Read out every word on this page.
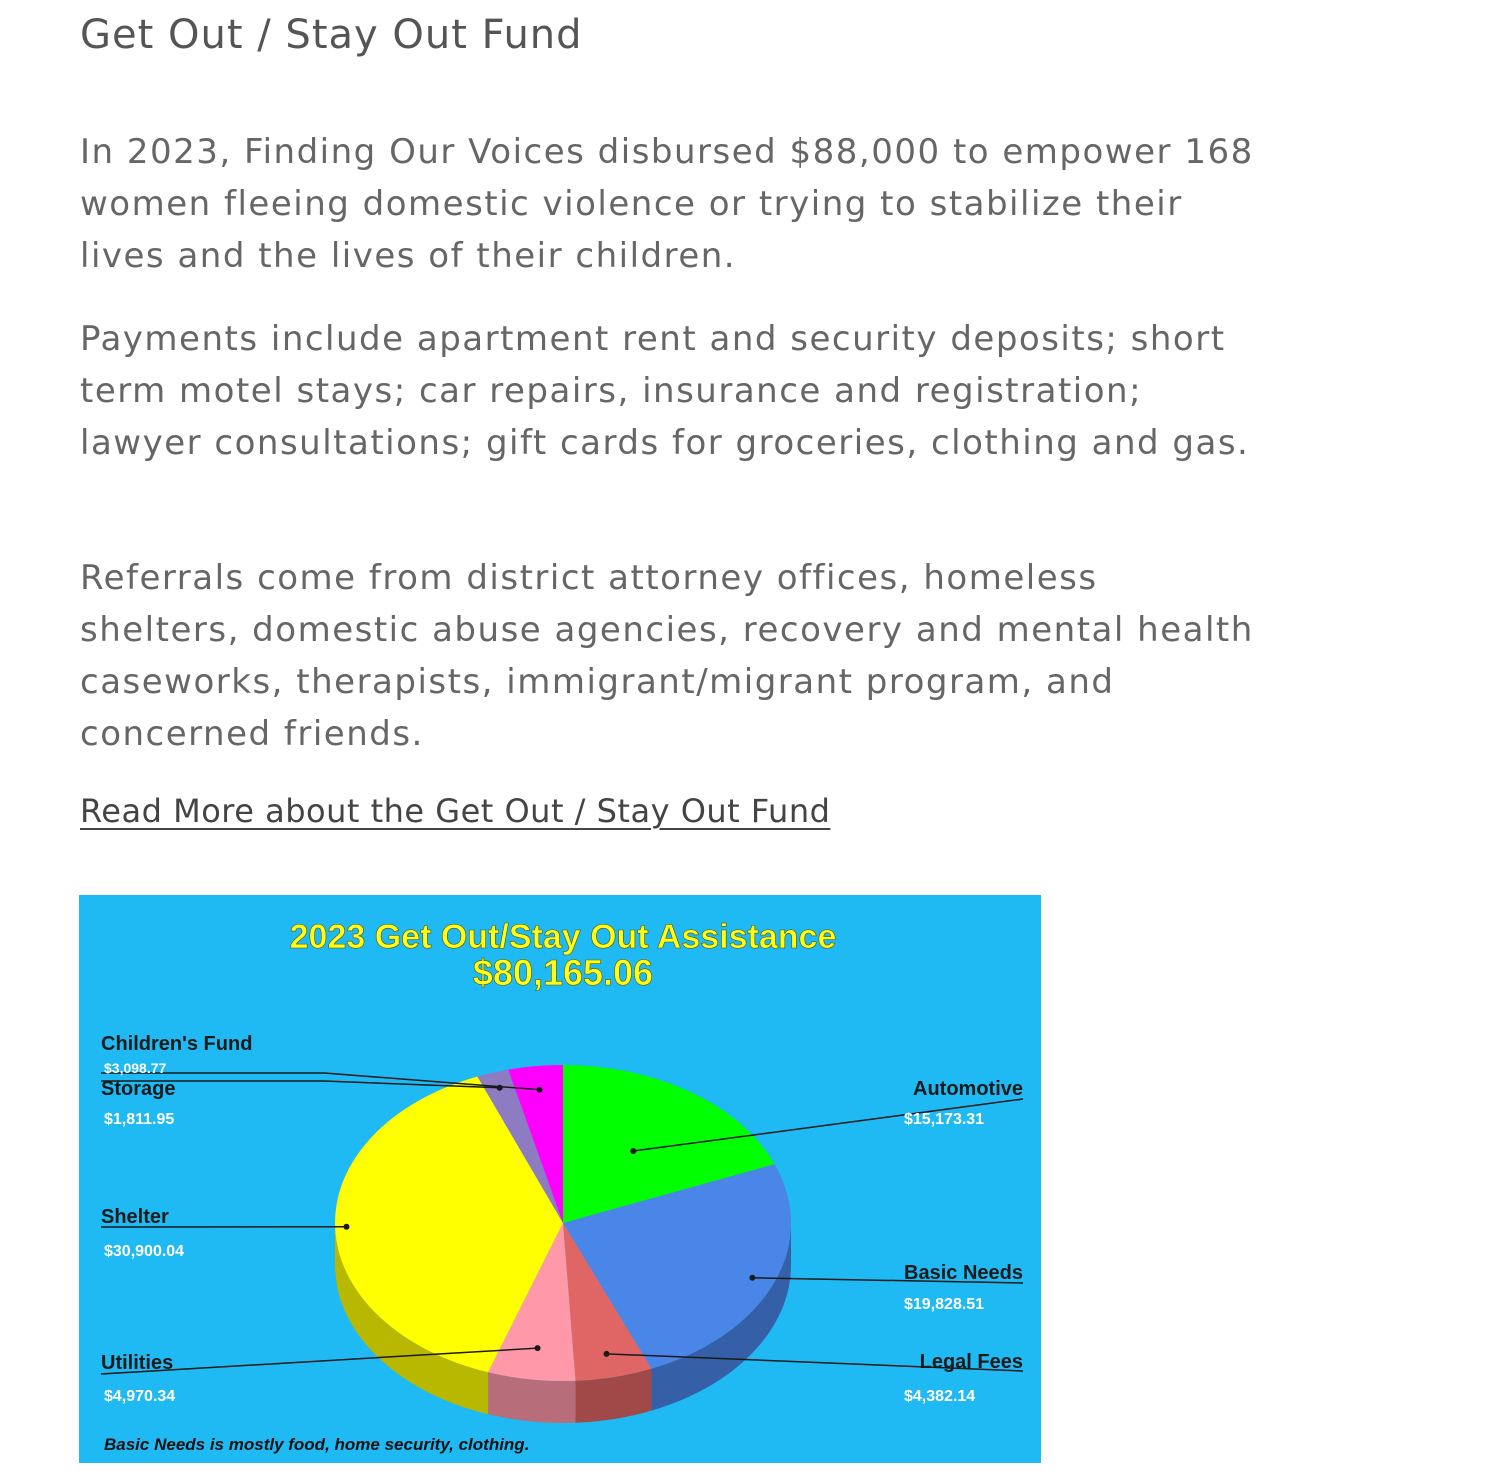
Get Out / Stay Out Fund

In 2023, Finding Our Voices disbursed $88,000 to empower 168 women fleeing domestic violence or trying to stabilize their lives and the lives of their children.

Payments include apartment rent and security deposits; short term motel stays; car repairs, insurance and registration; lawyer consultations; gift cards for groceries, clothing and gas.

Referrals come from district attorney offices, homeless shelters, domestic abuse agencies, recovery and mental health caseworks, therapists, immigrant/migrant program, and concerned friends.

Read More about the Get Out / Stay Out Fund
2023 Get Out/Stay Out Assistance
$80,165.06
Automotive
$15,173.31
Basic Needs
$19,828.51
Legal Fees
$4,382.14
Utilities
$4,970.34
Shelter
$30,900.04
Storage
$1,811.95
Children's Fund
$3,098.77
Basic Needs is mostly food, home security, clothing.
